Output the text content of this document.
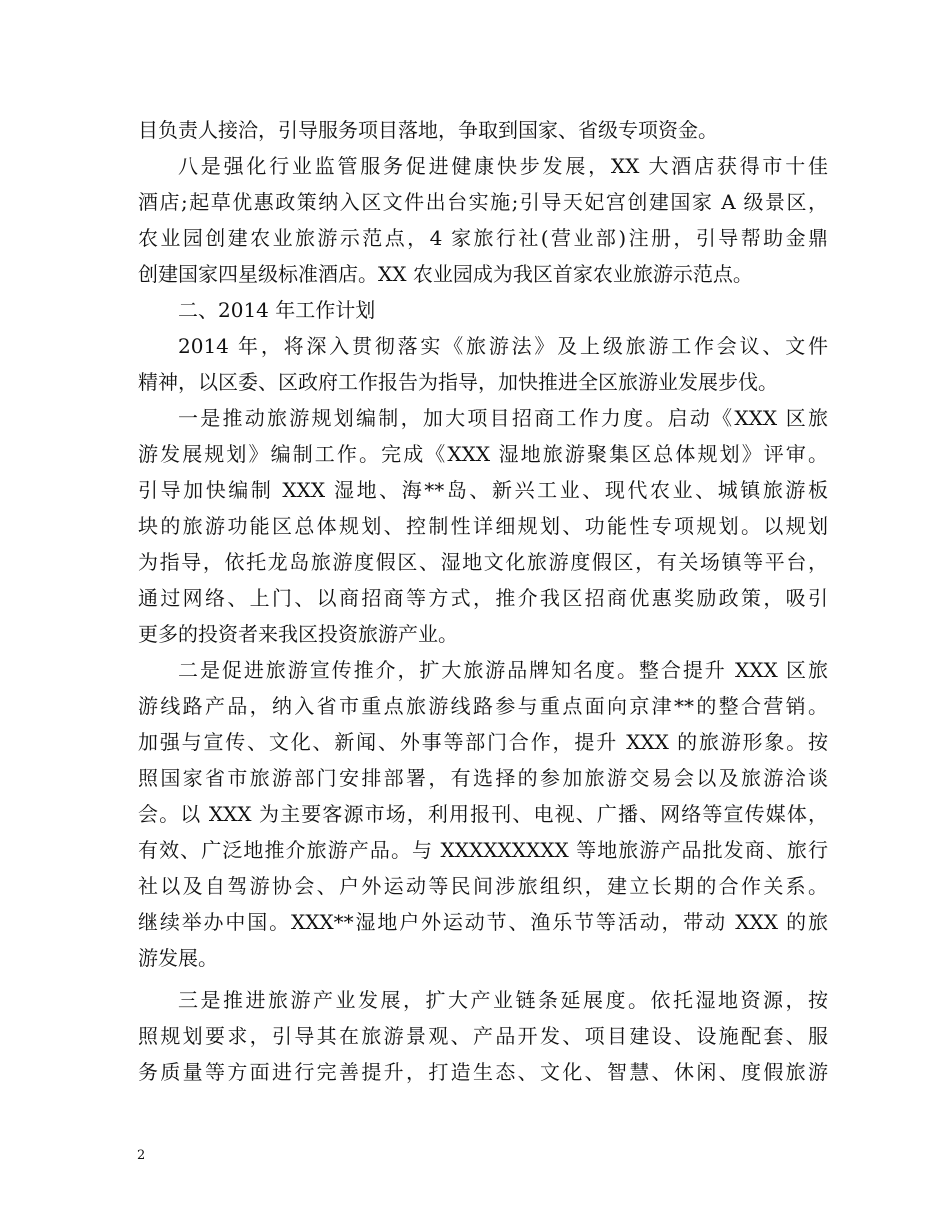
目负责人接洽，引导服务项目落地，争取到国家、省级专项资金。
八是强化行业监管服务促进健康快步发展，XX 大酒店获得市十佳
酒店;起草优惠政策纳入区文件出台实施;引导天妃宫创建国家 A 级景区，
农业园创建农业旅游示范点，4 家旅行社(营业部)注册，引导帮助金鼎
创建国家四星级标准酒店。XX 农业园成为我区首家农业旅游示范点。
二、2014 年工作计划
2014 年，将深入贯彻落实《旅游法》及上级旅游工作会议、文件
精神，以区委、区政府工作报告为指导，加快推进全区旅游业发展步伐。
一是推动旅游规划编制，加大项目招商工作力度。启动《XXX 区旅
游发展规划》编制工作。完成《XXX 湿地旅游聚集区总体规划》评审。
引导加快编制 XXX 湿地、海**岛、新兴工业、现代农业、城镇旅游板
块的旅游功能区总体规划、控制性详细规划、功能性专项规划。以规划
为指导，依托龙岛旅游度假区、湿地文化旅游度假区，有关场镇等平台，
通过网络、上门、以商招商等方式，推介我区招商优惠奖励政策，吸引
更多的投资者来我区投资旅游产业。
二是促进旅游宣传推介，扩大旅游品牌知名度。整合提升 XXX 区旅
游线路产品，纳入省市重点旅游线路参与重点面向京津**的整合营销。
加强与宣传、文化、新闻、外事等部门合作，提升 XXX 的旅游形象。按
照国家省市旅游部门安排部署，有选择的参加旅游交易会以及旅游洽谈
会。以 XXX 为主要客源市场，利用报刊、电视、广播、网络等宣传媒体，
有效、广泛地推介旅游产品。与 XXXXXXXXX 等地旅游产品批发商、旅行
社以及自驾游协会、户外运动等民间涉旅组织，建立长期的合作关系。
继续举办中国。XXX**湿地户外运动节、渔乐节等活动，带动 XXX 的旅
游发展。
三是推进旅游产业发展，扩大产业链条延展度。依托湿地资源，按
照规划要求，引导其在旅游景观、产品开发、项目建设、设施配套、服
务质量等方面进行完善提升，打造生态、文化、智慧、休闲、度假旅游
2
